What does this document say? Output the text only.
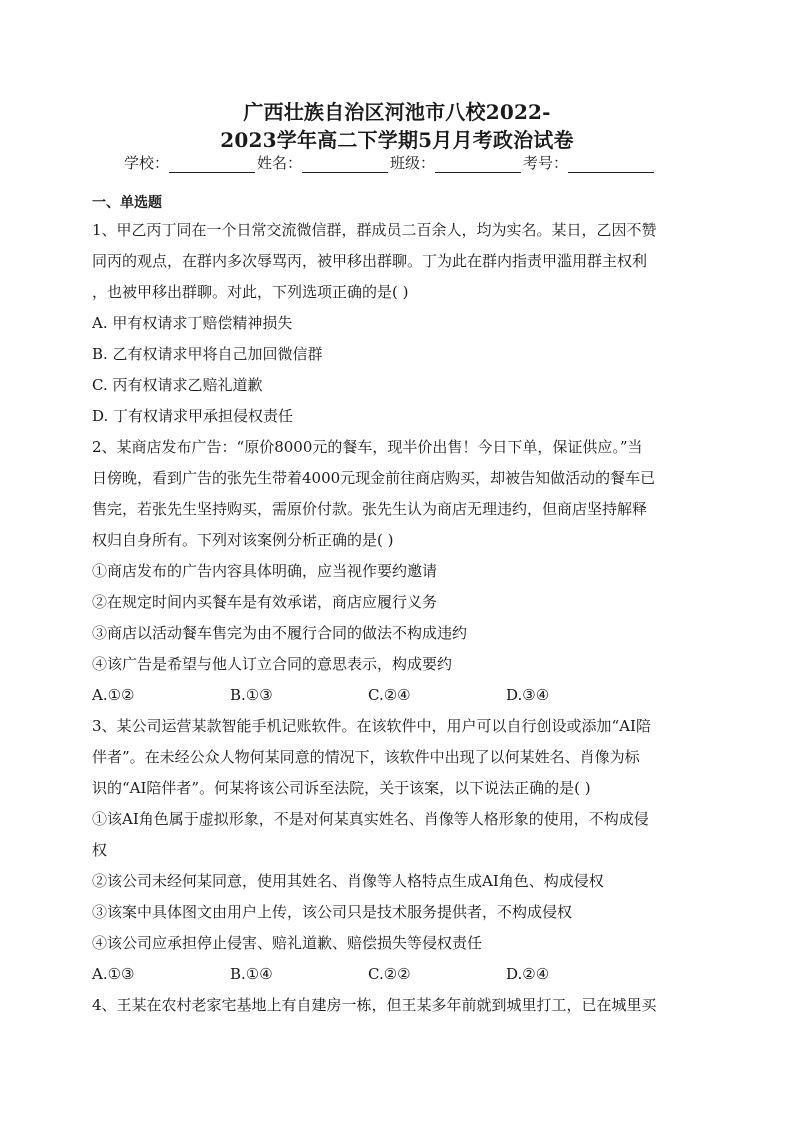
广西壮族自治区河池市八校2022-
2023学年高二下学期5月月考政治试卷
学校：	姓名：	班级：	考号：
一、单选题
1、甲乙丙丁同在一个日常交流微信群，群成员二百余人，均为实名。某日，乙因不赞
同丙的观点，在群内多次辱骂丙，被甲移出群聊。丁为此在群内指责甲滥用群主权利
，也被甲移出群聊。对此，下列选项正确的是( )
A. 甲有权请求丁赔偿精神损失
B. 乙有权请求甲将自己加回微信群
C. 丙有权请求乙赔礼道歉
D. 丁有权请求甲承担侵权责任
2、某商店发布广告：“原价8000元的餐车，现半价出售！今日下单，保证供应。”当
日傍晚，看到广告的张先生带着4000元现金前往商店购买，却被告知做活动的餐车已
售完，若张先生坚持购买，需原价付款。张先生认为商店无理违约，但商店坚持解释
权归自身所有。下列对该案例分析正确的是( )
①商店发布的广告内容具体明确，应当视作要约邀请
②在规定时间内买餐车是有效承诺，商店应履行义务
③商店以活动餐车售完为由不履行合同的做法不构成违约
④该广告是希望与他人订立合同的意思表示，构成要约
A.①②	B.①③	C.②④	D.③④
3、某公司运营某款智能手机记账软件。在该软件中，用户可以自行创设或添加“AI陪
伴者”。在未经公众人物何某同意的情况下，该软件中出现了以何某姓名、肖像为标
识的“AI陪伴者”。何某将该公司诉至法院，关于该案，以下说法正确的是( )
①该AI角色属于虚拟形象，不是对何某真实姓名、肖像等人格形象的使用，不构成侵
权
②该公司未经何某同意，使用其姓名、肖像等人格特点生成AI角色、构成侵权
③该案中具体图文由用户上传，该公司只是技术服务提供者，不构成侵权
④该公司应承担停止侵害、赔礼道歉、赔偿损失等侵权责任
A.①③	B.①④	C.②②	D.②④
4、王某在农村老家宅基地上有自建房一栋，但王某多年前就到城里打工，已在城里买
